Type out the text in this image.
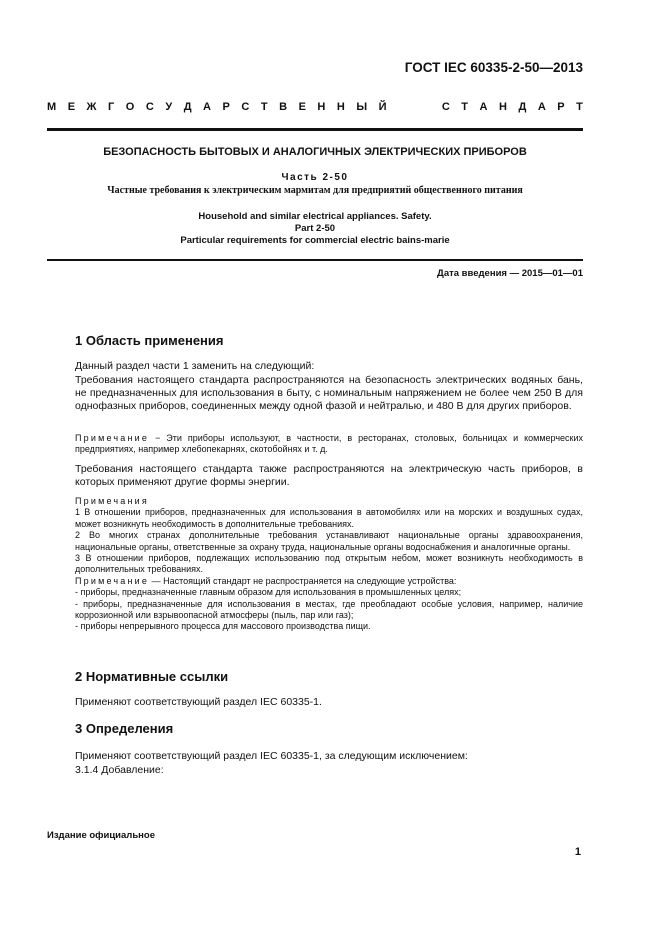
ГОСТ IEC 60335-2-50—2013
М Е Ж Г О С У Д А Р С Т В Е Н Н Ы Й

	С Т А Н Д А Р Т
БЕЗОПАСНОСТЬ БЫТОВЫХ И АНАЛОГИЧНЫХ ЭЛЕКТРИЧЕСКИХ ПРИБОРОВ
Часть 2-50
Частные требования к электрическим мармитам для предприятий общественного питания
Household and similar electrical appliances. Safety.
Part 2-50
Particular requirements for commercial electric bains-marie
Дата введения — 2015—01—01
1 Область применения
Данный раздел части 1 заменить на следующий:
Требования настоящего стандарта распространяются на безопасность электрических водяных бань, не предназначенных для использования в быту, с номинальным напряжением не более чем 250 В для однофазных приборов, соединенных между одной фазой и нейтралью, и 480 В для других приборов.
Примечание − Эти приборы используют, в частности, в ресторанах, столовых, больницах и коммерческих предприятиях, например хлебопекарнях, скотобойнях и т. д.
Требования настоящего стандарта также распространяются на электрическую часть приборов, в которых применяют другие формы энергии.
Примечания
1 В отношении приборов, предназначенных для использования в автомобилях или на морских и воздушных судах, может возникнуть необходимость в дополнительные требованиях.
2 Во многих странах дополнительные требования устанавливают национальные органы здравоохранения, национальные органы, ответственные за охрану труда, национальные органы водоснабжения и аналогичные органы.
3 В отношении приборов, подлежащих использованию под открытым небом, может возникнуть необходимость в дополнительных требованиях.
Примечание — Настоящий стандарт не распространяется на следующие устройства:
- приборы, предназначенные главным образом для использования в промышленных целях;
- приборы, предназначенные для использования в местах, где преобладают особые условия, например, наличие коррозионной или взрывоопасной атмосферы (пыль, пар или газ);
- приборы непрерывного процесса для массового производства пищи.
2 Нормативные ссылки
Применяют соответствующий раздел IEC 60335-1.
3 Определения
Применяют соответствующий раздел IEC 60335-1, за следующим исключением:
3.1.4 Добавление:
Издание официальное
1
